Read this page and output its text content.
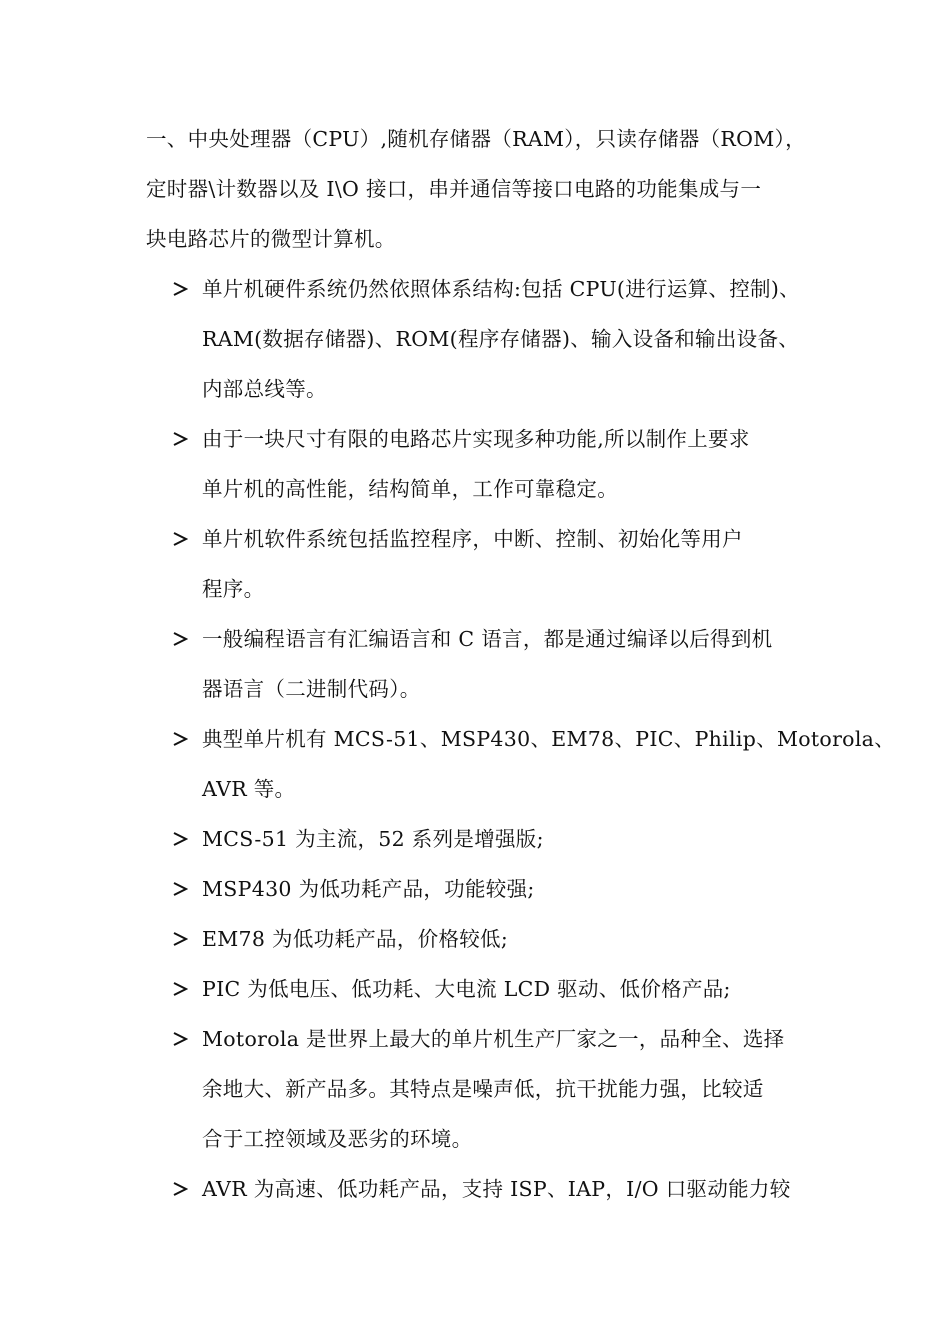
一、中央处理器（CPU）,随机存储器（RAM），只读存储器（ROM），
定时器\计数器以及 I\O 接口，串并通信等接口电路的功能集成与一
块电路芯片的微型计算机。

单片机硬件系统仍然依照体系结构:包括 CPU(进行运算、控制)、
RAM(数据存储器)、ROM(程序存储器)、输入设备和输出设备、
内部总线等。
由于一块尺寸有限的电路芯片实现多种功能,所以制作上要求
单片机的高性能，结构简单，工作可靠稳定。
单片机软件系统包括监控程序，中断、控制、初始化等用户
程序。
一般编程语言有汇编语言和 C 语言，都是通过编译以后得到机
器语言（二进制代码）。
典型单片机有 MCS-51、MSP430、EM78、PIC、Philip、Motorola、
AVR 等。
MCS-51 为主流，52 系列是增强版;
MSP430 为低功耗产品，功能较强;
EM78 为低功耗产品，价格较低;
PIC 为低电压、低功耗、大电流 LCD 驱动、低价格产品;
Motorola 是世界上最大的单片机生产厂家之一，品种全、选择
余地大、新产品多。其特点是噪声低，抗干扰能力强，比较适
合于工控领域及恶劣的环境。
AVR 为高速、低功耗产品，支持 ISP、IAP，I/O 口驱动能力较
